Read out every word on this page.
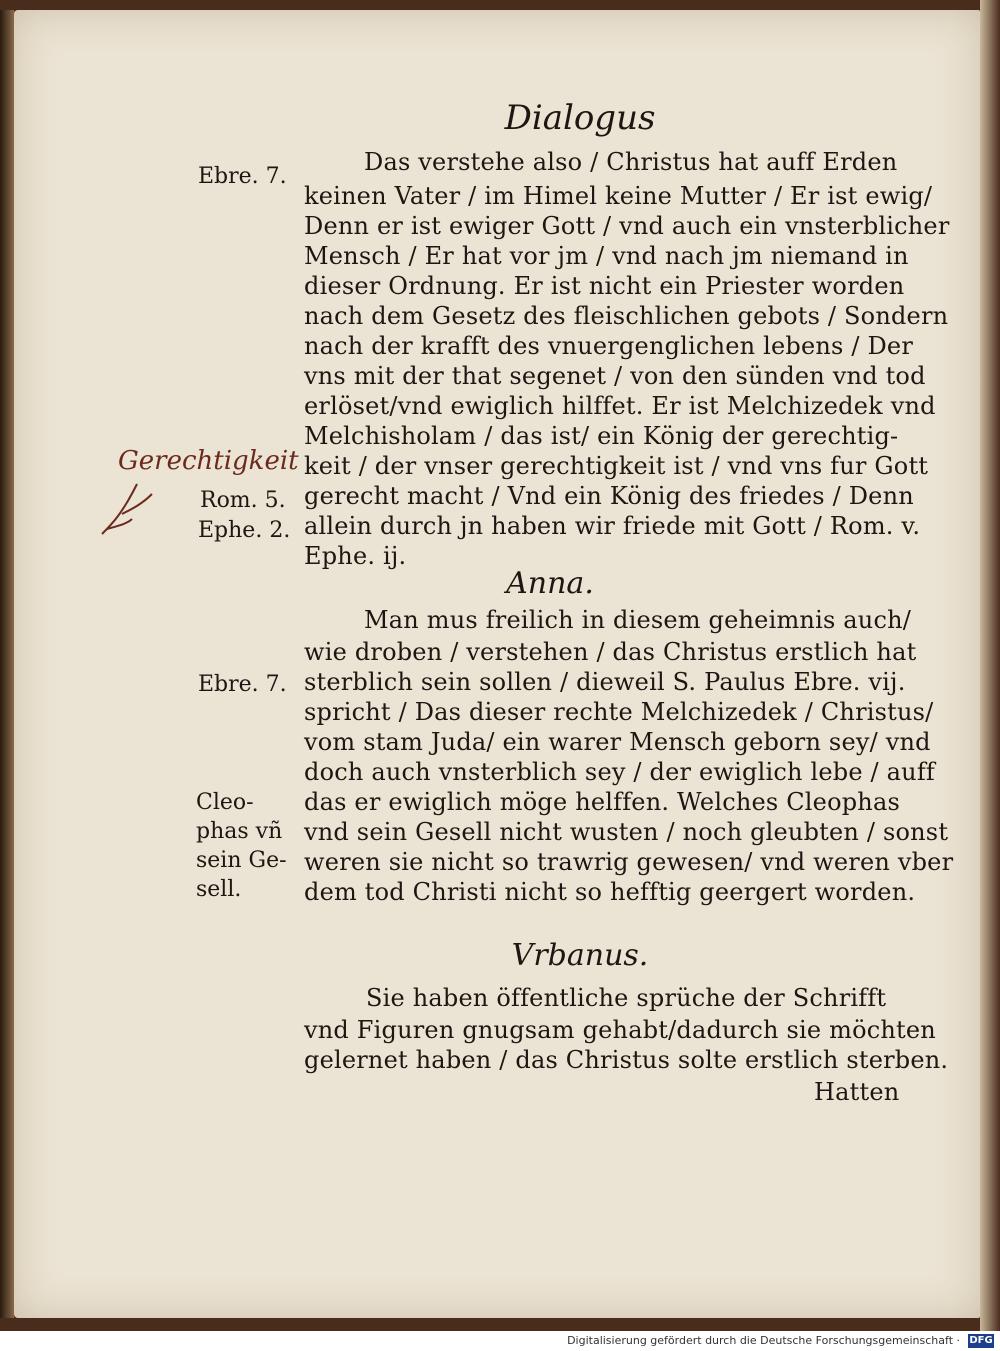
Dialogus
Ebre. 7.
Gerechtigkeit
Rom. 5.
Ephe. 2.
Ebre. 7.
Cleo-
phas vñ
sein Ge-
sell.
Das verstehe also / Christus hat auff Erden
keinen Vater / im Himel keine Mutter / Er ist ewig/
Denn er ist ewiger Gott / vnd auch ein vnsterblicher
Mensch / Er hat vor jm / vnd nach jm niemand in
dieser Ordnung. Er ist nicht ein Priester worden
nach dem Gesetz des fleischlichen gebots / Sondern
nach der krafft des vnuergenglichen lebens / Der
vns mit der that segenet / von den sünden vnd tod
erlöset/vnd ewiglich hilffet. Er ist Melchizedek vnd
Melchisholam / das ist/ ein König der gerechtig-
keit / der vnser gerechtigkeit ist / vnd vns fur Gott
gerecht macht / Vnd ein König des friedes / Denn
allein durch jn haben wir friede mit Gott / Rom. v.
Ephe. ij.
Anna.
Man mus freilich in diesem geheimnis auch/
wie droben / verstehen / das Christus erstlich hat
sterblich sein sollen / dieweil S. Paulus Ebre. vij.
spricht / Das dieser rechte Melchizedek / Christus/
vom stam Juda/ ein warer Mensch geborn sey/ vnd
doch auch vnsterblich sey / der ewiglich lebe / auff
das er ewiglich möge helffen. Welches Cleophas
vnd sein Gesell nicht wusten / noch gleubten / sonst
weren sie nicht so trawrig gewesen/ vnd weren vber
dem tod Christi nicht so hefftig geergert worden.
Vrbanus.
Sie haben öffentliche sprüche der Schrifft
vnd Figuren gnugsam gehabt/dadurch sie möchten
gelernet haben / das Christus solte erstlich sterben.
Hatten
Digitalisierung gefördert durch die Deutsche Forschungsgemeinschaft · DFG
